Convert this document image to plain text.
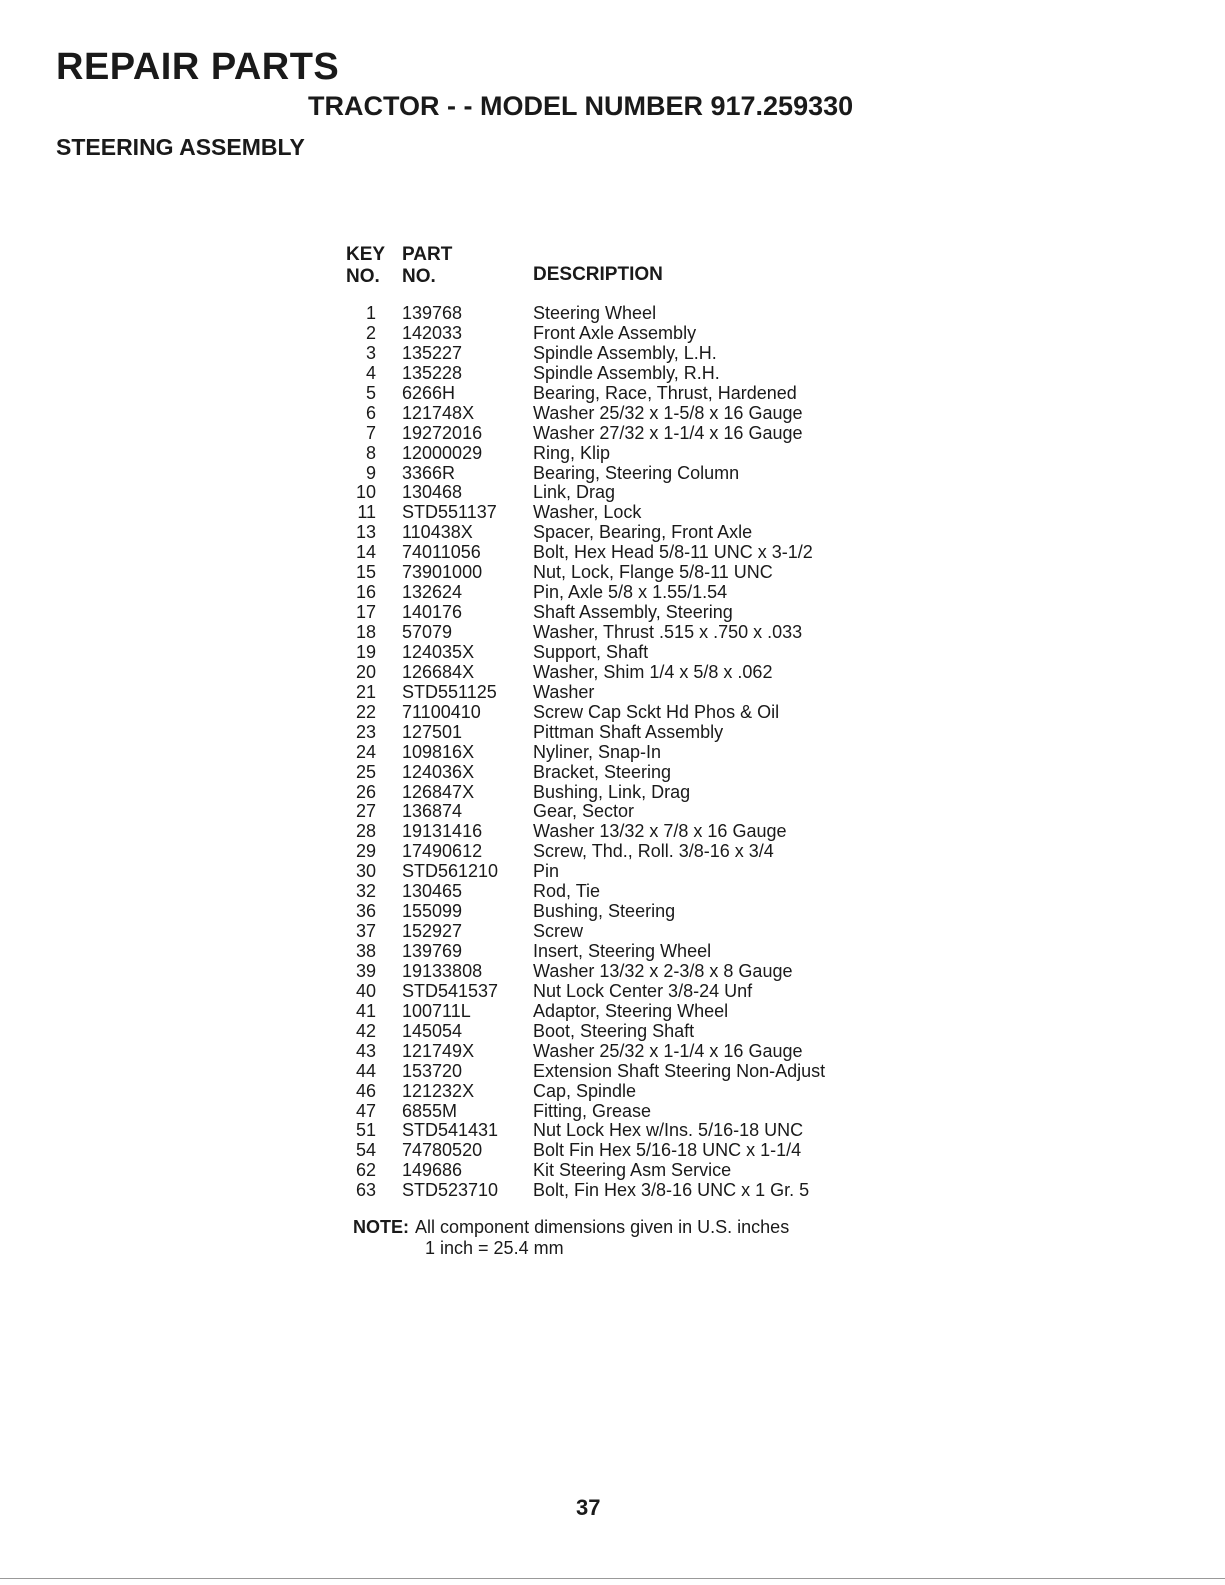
REPAIR PARTS
TRACTOR - - MODEL NUMBER 917.259330
STEERING ASSEMBLY
KEY
NO.
PART
NO.	DESCRIPTION
1	139768	Steering Wheel
2	142033	Front Axle Assembly
3	135227	Spindle Assembly, L.H.
4	135228	Spindle Assembly, R.H.
5	6266H	Bearing, Race, Thrust, Hardened
6	121748X	Washer 25/32 x 1-5/8 x 16 Gauge
7	19272016	Washer 27/32 x 1-1/4 x 16 Gauge
8	12000029	Ring, Klip
9	3366R	Bearing, Steering Column
10	130468	Link, Drag
11	STD551137	Washer, Lock
13	110438X	Spacer, Bearing, Front Axle
14	74011056	Bolt, Hex Head 5/8-11 UNC x 3-1/2
15	73901000	Nut, Lock, Flange 5/8-11 UNC
16	132624	Pin, Axle 5/8 x 1.55/1.54
17	140176	Shaft Assembly, Steering
18	57079	Washer, Thrust .515 x .750 x .033
19	124035X	Support, Shaft
20	126684X	Washer, Shim 1/4 x 5/8 x .062
21	STD551125	Washer
22	71100410	Screw Cap Sckt Hd Phos & Oil
23	127501	Pittman Shaft Assembly
24	109816X	Nyliner, Snap-In
25	124036X	Bracket, Steering
26	126847X	Bushing, Link, Drag
27	136874	Gear, Sector
28	19131416	Washer 13/32 x 7/8 x 16 Gauge
29	17490612	Screw, Thd., Roll. 3/8-16 x 3/4
30	STD561210	Pin
32	130465	Rod, Tie
36	155099	Bushing, Steering
37	152927	Screw
38	139769	Insert, Steering Wheel
39	19133808	Washer 13/32 x 2-3/8 x 8 Gauge
40	STD541537	Nut Lock Center 3/8-24 Unf
41	100711L	Adaptor, Steering Wheel
42	145054	Boot, Steering Shaft
43	121749X	Washer 25/32 x 1-1/4 x 16 Gauge
44	153720	Extension Shaft Steering Non-Adjust
46	121232X	Cap, Spindle
47	6855M	Fitting, Grease
51	STD541431	Nut Lock Hex w/Ins. 5/16-18 UNC
54	74780520	Bolt Fin Hex 5/16-18 UNC x 1-1/4
62	149686	Kit Steering Asm Service
63	STD523710	Bolt, Fin Hex 3/8-16 UNC x 1 Gr. 5
NOTE: All component dimensions given in U.S. inches
1 inch = 25.4 mm
37
